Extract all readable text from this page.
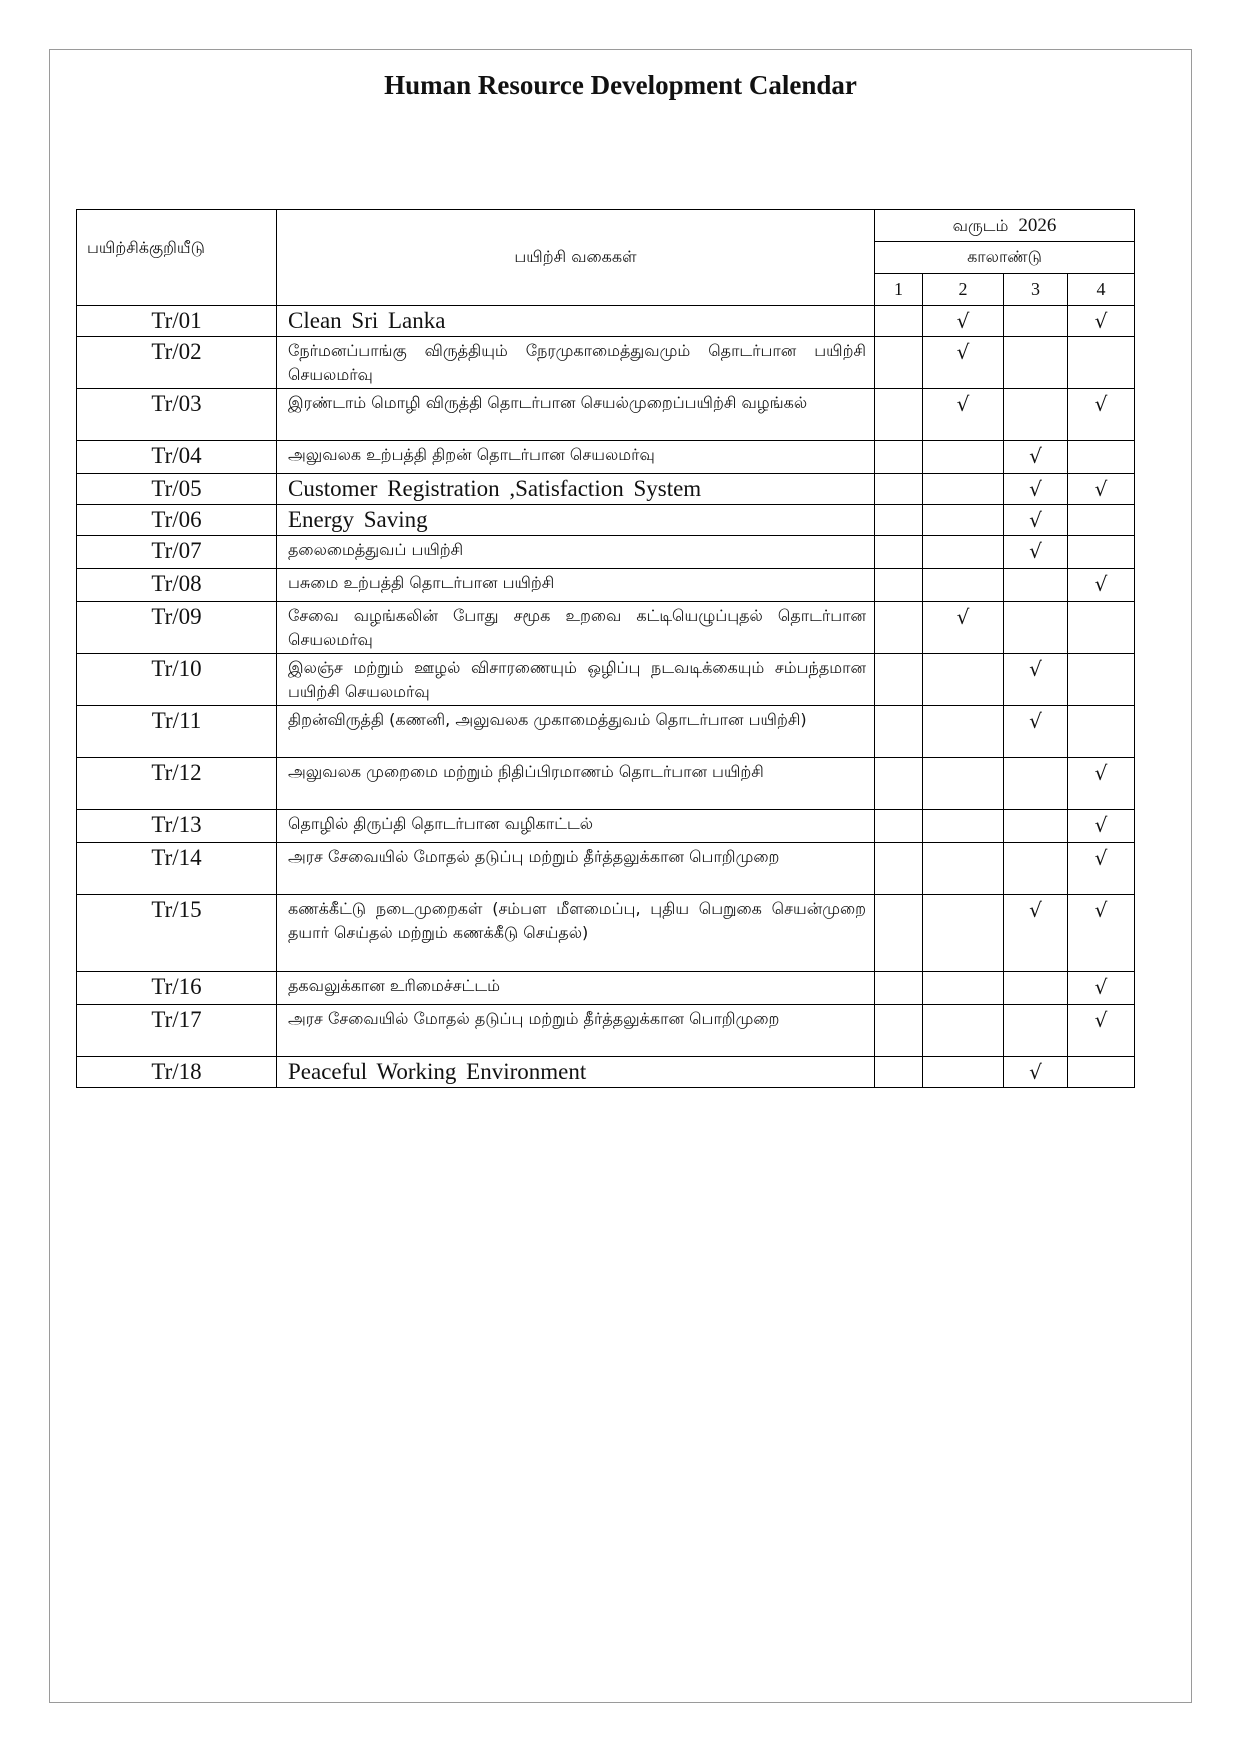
Human Resource Development Calendar
பயிற்சிக்குறியீடு	பயிற்சி வகைகள்	வருடம் 2026			
		காலாண்டு			
		1	2	3	4
Tr/01	Clean Sri Lanka		√		√
Tr/02	நேர்மனப்பாங்கு விருத்தியும் நேரமுகாமைத்துவமும் தொடர்பான பயிற்சி செயலமர்வு		√		
Tr/03	இரண்டாம் மொழி விருத்தி தொடர்பான செயல்முறைப்பயிற்சி வழங்கல்		√		√
Tr/04	அலுவலக உற்பத்தி திறன் தொடர்பான செயலமர்வு			√	
Tr/05	Customer Registration ,Satisfaction System			√	√
Tr/06	Energy Saving			√	
Tr/07	தலைமைத்துவப் பயிற்சி			√	
Tr/08	பசுமை உற்பத்தி தொடர்பான பயிற்சி				√
Tr/09	சேவை வழங்கலின் போது சமூக உறவை கட்டியெழுப்புதல் தொடர்பான செயலமர்வு		√		
Tr/10	இலஞ்ச மற்றும் ஊழல் விசாரணையும் ஒழிப்பு நடவடிக்கையும் சம்பந்தமான பயிற்சி செயலமர்வு			√	
Tr/11	திறன்விருத்தி (கணனி, அலுவலக முகாமைத்துவம் தொடர்பான பயிற்சி)			√	
Tr/12	அலுவலக முறைமை மற்றும் நிதிப்பிரமாணம் தொடர்பான பயிற்சி				√
Tr/13	தொழில் திருப்தி தொடர்பான வழிகாட்டல்				√
Tr/14	அரச சேவையில் மோதல் தடுப்பு மற்றும் தீர்த்தலுக்கான பொறிமுறை				√
Tr/15	கணக்கீட்டு நடைமுறைகள் (சம்பள மீளமைப்பு, புதிய பெறுகை செயன்முறை தயார் செய்தல் மற்றும் கணக்கீடு செய்தல்)			√	√
Tr/16	தகவலுக்கான உரிமைச்சட்டம்				√
Tr/17	அரச சேவையில் மோதல் தடுப்பு மற்றும் தீர்த்தலுக்கான பொறிமுறை				√
Tr/18	Peaceful Working Environment			√	
